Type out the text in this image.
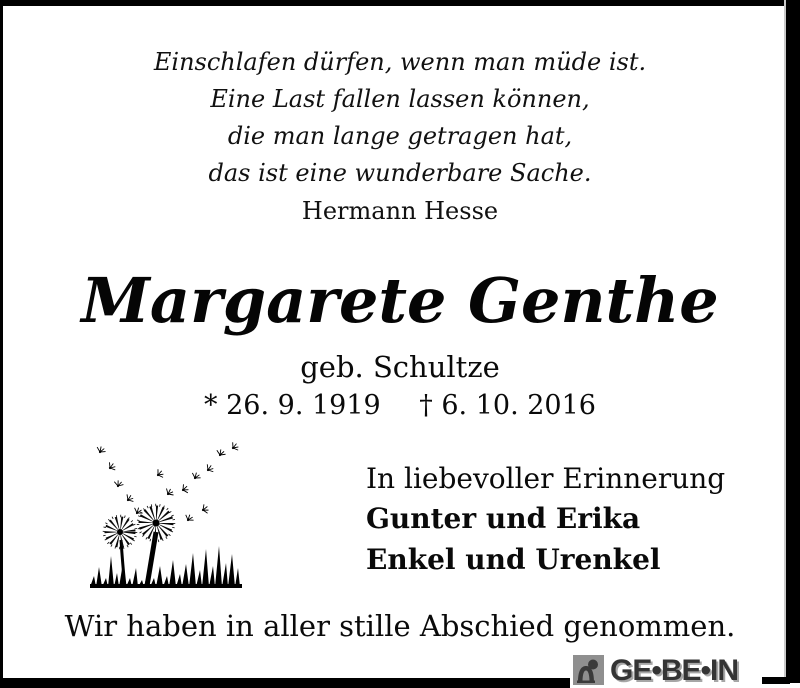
Einschlafen dürfen, wenn man müde ist.
Eine Last fallen lassen können,
die man lange getragen hat,
das ist eine wunderbare Sache.
Hermann Hesse
Margarete Genthe
geb. Schultze
* 26. 9. 1919 † 6. 10. 2016
In liebevoller Erinnerung
Gunter und Erika
Enkel und Urenkel
Wir haben in aller stille Abschied genommen.
GE•BE•IN
